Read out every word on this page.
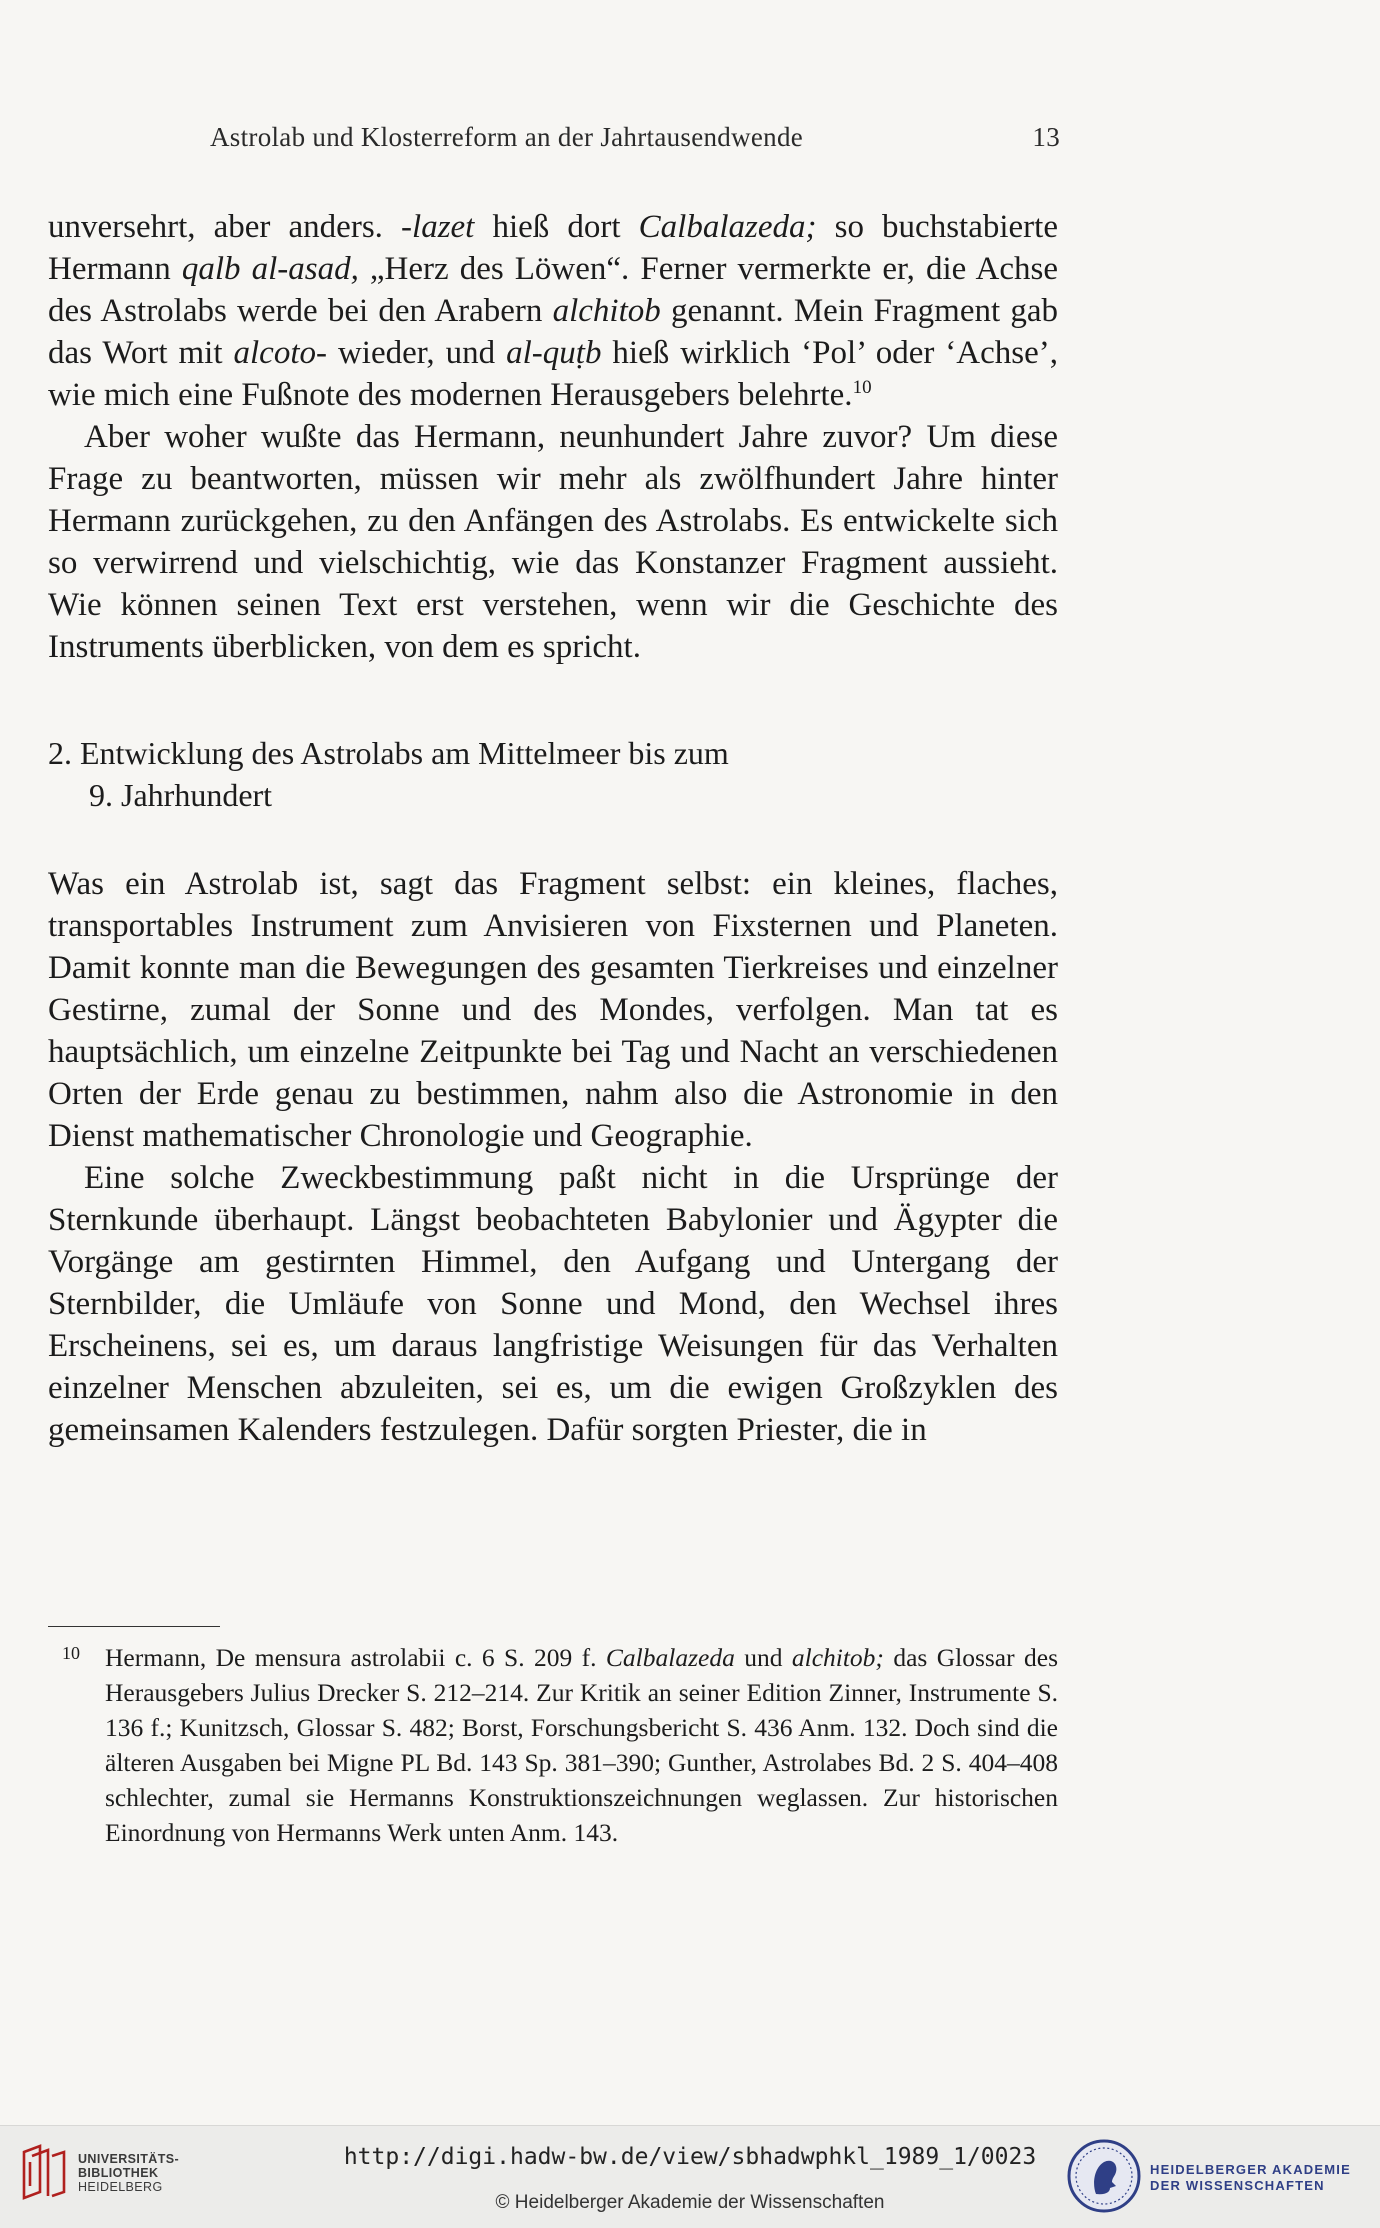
Astrolab und Klosterreform an der Jahrtausendwende	13

unversehrt, aber anders. -lazet hieß dort Calbalazeda; so buchstabierte Hermann qalb al-asad, „Herz des Löwen“. Ferner vermerkte er, die Achse des Astrolabs werde bei den Arabern alchitob genannt. Mein Fragment gab das Wort mit alcoto- wieder, und al-quṭb hieß wirklich ‘Pol’ oder ‘Achse’, wie mich eine Fußnote des modernen Herausgebers belehrte.$^{10}$

Aber woher wußte das Hermann, neunhundert Jahre zuvor? Um diese Frage zu beantworten, müssen wir mehr als zwölfhundert Jahre hinter Hermann zurückgehen, zu den Anfängen des Astrolabs. Es entwickelte sich so verwirrend und vielschichtig, wie das Konstanzer Fragment aussieht. Wie können seinen Text erst verstehen, wenn wir die Geschichte des Instruments überblicken, von dem es spricht.

2. Entwicklung des Astrolabs am Mittelmeer bis zum
9. Jahrhundert

Was ein Astrolab ist, sagt das Fragment selbst: ein kleines, flaches, transportables Instrument zum Anvisieren von Fixsternen und Planeten. Damit konnte man die Bewegungen des gesamten Tierkreises und einzelner Gestirne, zumal der Sonne und des Mondes, verfolgen. Man tat es hauptsächlich, um einzelne Zeitpunkte bei Tag und Nacht an verschiedenen Orten der Erde genau zu bestimmen, nahm also die Astronomie in den Dienst mathematischer Chronologie und Geographie.

Eine solche Zweckbestimmung paßt nicht in die Ursprünge der Sternkunde überhaupt. Längst beobachteten Babylonier und Ägypter die Vorgänge am gestirnten Himmel, den Aufgang und Untergang der Sternbilder, die Umläufe von Sonne und Mond, den Wechsel ihres Erscheinens, sei es, um daraus langfristige Weisungen für das Verhalten einzelner Menschen abzuleiten, sei es, um die ewigen Großzyklen des gemeinsamen Kalenders festzulegen. Dafür sorgten Priester, die in

10 Hermann, De mensura astrolabii c. 6 S. 209 f. Calbalazeda und alchitob; das Glossar des Herausgebers Julius Drecker S. 212–214. Zur Kritik an seiner Edition Zinner, Instrumente S. 136 f.; Kunitzsch, Glossar S. 482; Borst, Forschungsbericht S. 436 Anm. 132. Doch sind die älteren Ausgaben bei Migne PL Bd. 143 Sp. 381–390; Gunther, Astrolabes Bd. 2 S. 404–408 schlechter, zumal sie Hermanns Konstruktionszeichnungen weglassen. Zur historischen Einordnung von Hermanns Werk unten Anm. 143.
UNIVERSITÄTS-
BIBLIOTHEK
HEIDELBERG
http://digi.hadw-bw.de/view/sbhadwphkl_1989_1/0023
© Heidelberger Akademie der Wissenschaften
HEIDELBERGER AKADEMIE
DER WISSENSCHAFTEN
